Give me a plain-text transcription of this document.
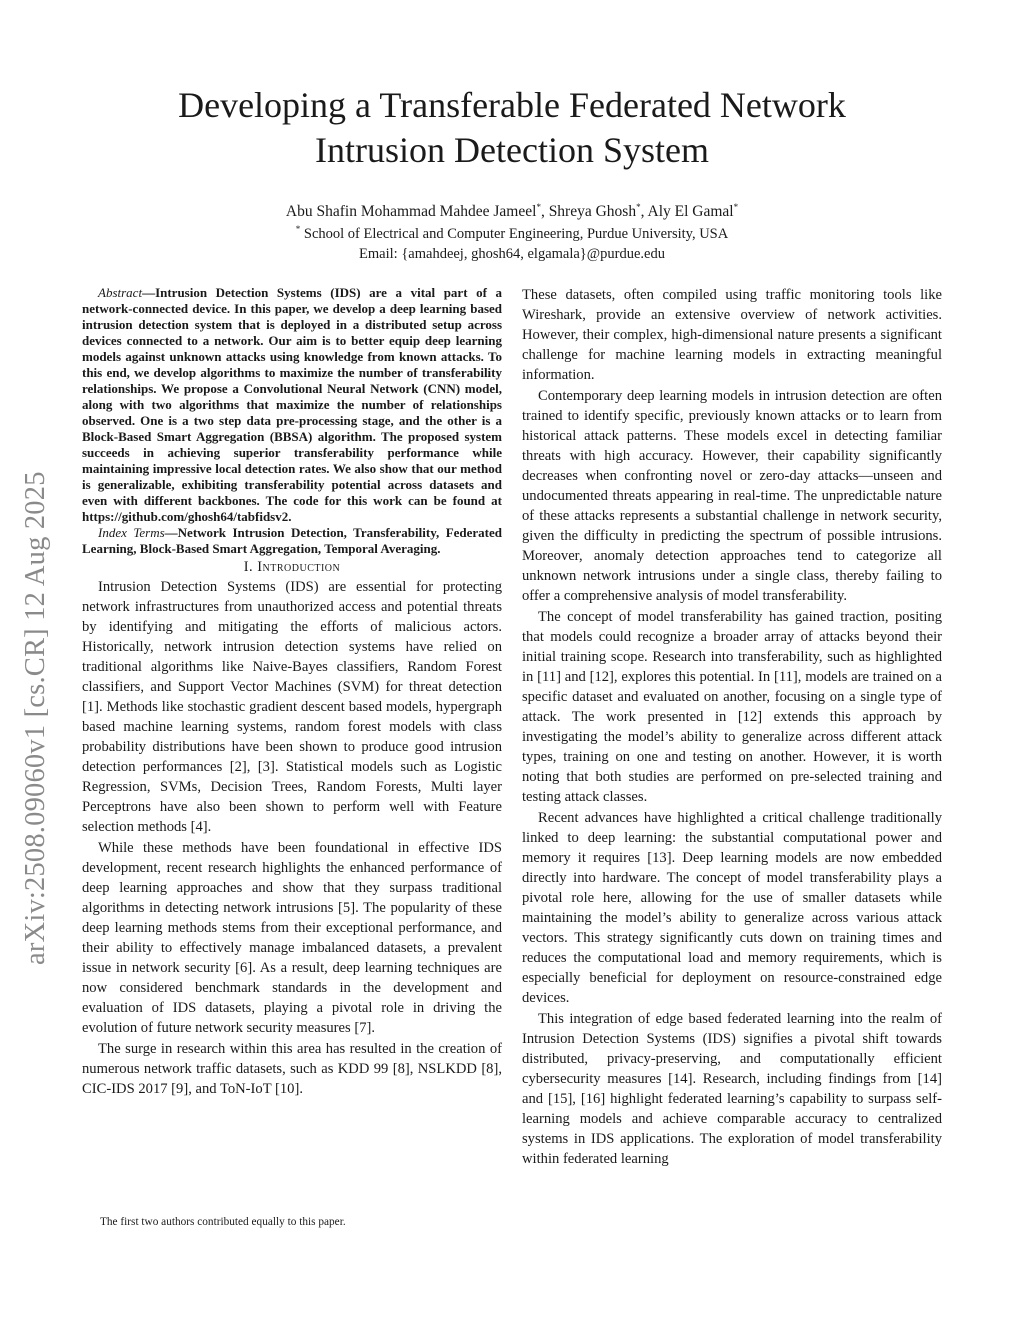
arXiv:2508.09060v1 [cs.CR] 12 Aug 2025
Developing a Transferable Federated Network
Intrusion Detection System
Abu Shafin Mohammad Mahdee Jameel*, Shreya Ghosh*, Aly El Gamal*
* School of Electrical and Computer Engineering, Purdue University, USA
Email: {amahdeej, ghosh64, elgamala}@purdue.edu

Abstract—Intrusion Detection Systems (IDS) are a vital part of a network-connected device. In this paper, we develop a deep learning based intrusion detection system that is deployed in a distributed setup across devices connected to a network. Our aim is to better equip deep learning models against unknown attacks using knowledge from known attacks. To this end, we develop algorithms to maximize the number of transferability relationships. We propose a Convolutional Neural Network (CNN) model, along with two algorithms that maximize the number of relationships observed. One is a two step data pre-processing stage, and the other is a Block-Based Smart Aggregation (BBSA) algorithm. The proposed system succeeds in achieving superior transferability performance while maintaining impressive local detection rates. We also show that our method is generalizable, exhibiting transferability potential across datasets and even with different backbones. The code for this work can be found at https://github.com/ghosh64/tabfidsv2.

Index Terms—Network Intrusion Detection, Transferability, Federated Learning, Block-Based Smart Aggregation, Temporal Averaging.

I. Introduction

Intrusion Detection Systems (IDS) are essential for protecting network infrastructures from unauthorized access and potential threats by identifying and mitigating the efforts of malicious actors. Historically, network intrusion detection systems have relied on traditional algorithms like Naive-Bayes classifiers, Random Forest classifiers, and Support Vector Machines (SVM) for threat detection [1]. Methods like stochastic gradient descent based models, hypergraph based machine learning systems, random forest models with class probability distributions have been shown to produce good intrusion detection performances [2], [3]. Statistical models such as Logistic Regression, SVMs, Decision Trees, Random Forests, Multi layer Perceptrons have also been shown to perform well with Feature selection methods [4].

While these methods have been foundational in effective IDS development, recent research highlights the enhanced performance of deep learning approaches and show that they surpass traditional algorithms in detecting network intrusions [5]. The popularity of these deep learning methods stems from their exceptional performance, and their ability to effectively manage imbalanced datasets, a prevalent issue in network security [6]. As a result, deep learning techniques are now considered benchmark standards in the development and evaluation of IDS datasets, playing a pivotal role in driving the evolution of future network security measures [7].

The surge in research within this area has resulted in the creation of numerous network traffic datasets, such as KDD 99 [8], NSLKDD [8], CIC-IDS 2017 [9], and ToN-IoT [10].

These datasets, often compiled using traffic monitoring tools like Wireshark, provide an extensive overview of network activities. However, their complex, high-dimensional nature presents a significant challenge for machine learning models in extracting meaningful information.

Contemporary deep learning models in intrusion detection are often trained to identify specific, previously known attacks or to learn from historical attack patterns. These models excel in detecting familiar threats with high accuracy. However, their capability significantly decreases when confronting novel or zero-day attacks—unseen and undocumented threats appearing in real-time. The unpredictable nature of these attacks represents a substantial challenge in network security, given the difficulty in predicting the spectrum of possible intrusions. Moreover, anomaly detection approaches tend to categorize all unknown network intrusions under a single class, thereby failing to offer a comprehensive analysis of model transferability.

The concept of model transferability has gained traction, positing that models could recognize a broader array of attacks beyond their initial training scope. Research into transferability, such as highlighted in [11] and [12], explores this potential. In [11], models are trained on a specific dataset and evaluated on another, focusing on a single type of attack. The work presented in [12] extends this approach by investigating the model’s ability to generalize across different attack types, training on one and testing on another. However, it is worth noting that both studies are performed on pre-selected training and testing attack classes.

Recent advances have highlighted a critical challenge traditionally linked to deep learning: the substantial computational power and memory it requires [13]. Deep learning models are now embedded directly into hardware. The concept of model transferability plays a pivotal role here, allowing for the use of smaller datasets while maintaining the model’s ability to generalize across various attack vectors. This strategy significantly cuts down on training times and reduces the computational load and memory requirements, which is especially beneficial for deployment on resource-constrained edge devices.

This integration of edge based federated learning into the realm of Intrusion Detection Systems (IDS) signifies a pivotal shift towards distributed, privacy-preserving, and computationally efficient cybersecurity measures [14]. Research, including findings from [14] and [15], [16] highlight federated learning’s capability to surpass self-learning models and achieve comparable accuracy to centralized systems in IDS applications. The exploration of model transferability within federated learning

The first two authors contributed equally to this paper.
